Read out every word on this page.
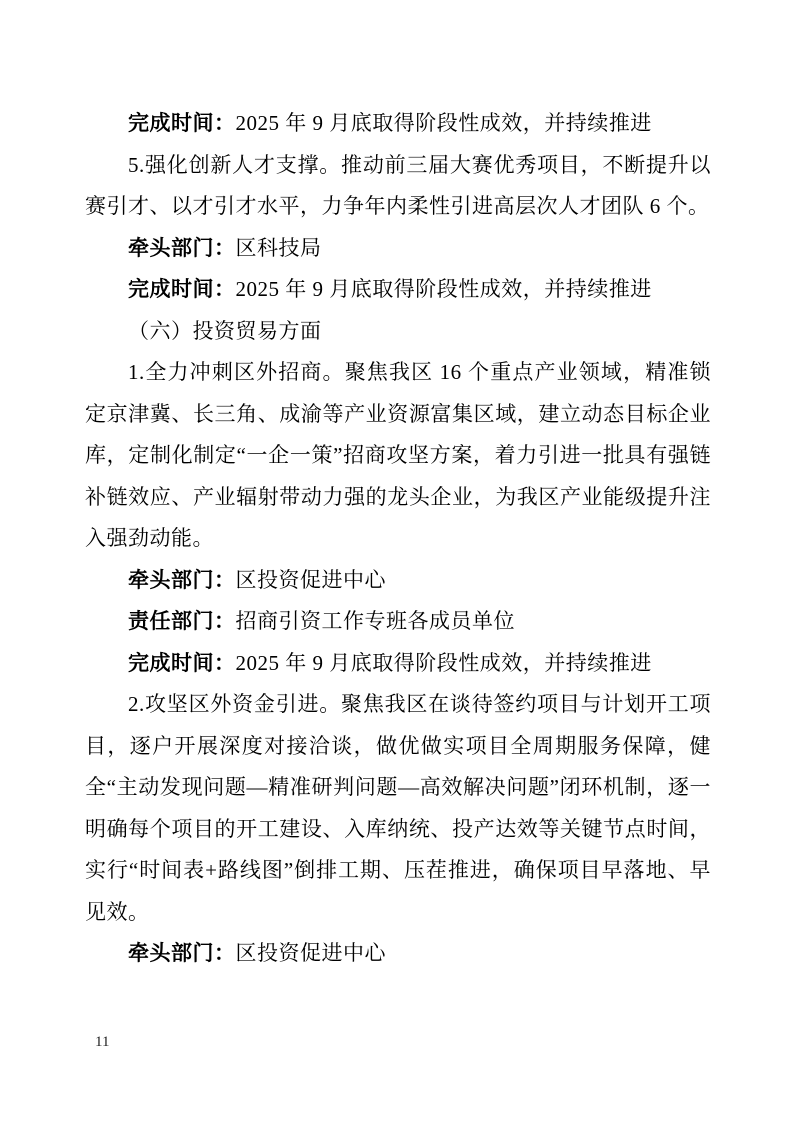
完成时间：2025 年 9 月底取得阶段性成效，并持续推进

5.强化创新人才支撑。推动前三届大赛优秀项目，不断提升以赛引才、以才引才水平，力争年内柔性引进高层次人才团队 6 个。

牵头部门：区科技局

完成时间：2025 年 9 月底取得阶段性成效，并持续推进

（六）投资贸易方面

1.全力冲刺区外招商。聚焦我区 16 个重点产业领域，精准锁定京津冀、长三角、成渝等产业资源富集区域，建立动态目标企业库，定制化制定“一企一策”招商攻坚方案，着力引进一批具有强链补链效应、产业辐射带动力强的龙头企业，为我区产业能级提升注入强劲动能。

牵头部门：区投资促进中心

责任部门：招商引资工作专班各成员单位

完成时间：2025 年 9 月底取得阶段性成效，并持续推进

2.攻坚区外资金引进。聚焦我区在谈待签约项目与计划开工项目，逐户开展深度对接洽谈，做优做实项目全周期服务保障，健全“主动发现问题—精准研判问题—高效解决问题”闭环机制，逐一明确每个项目的开工建设、入库纳统、投产达效等关键节点时间，实行“时间表+路线图”倒排工期、压茬推进，确保项目早落地、早见效。

牵头部门：区投资促进中心

11
